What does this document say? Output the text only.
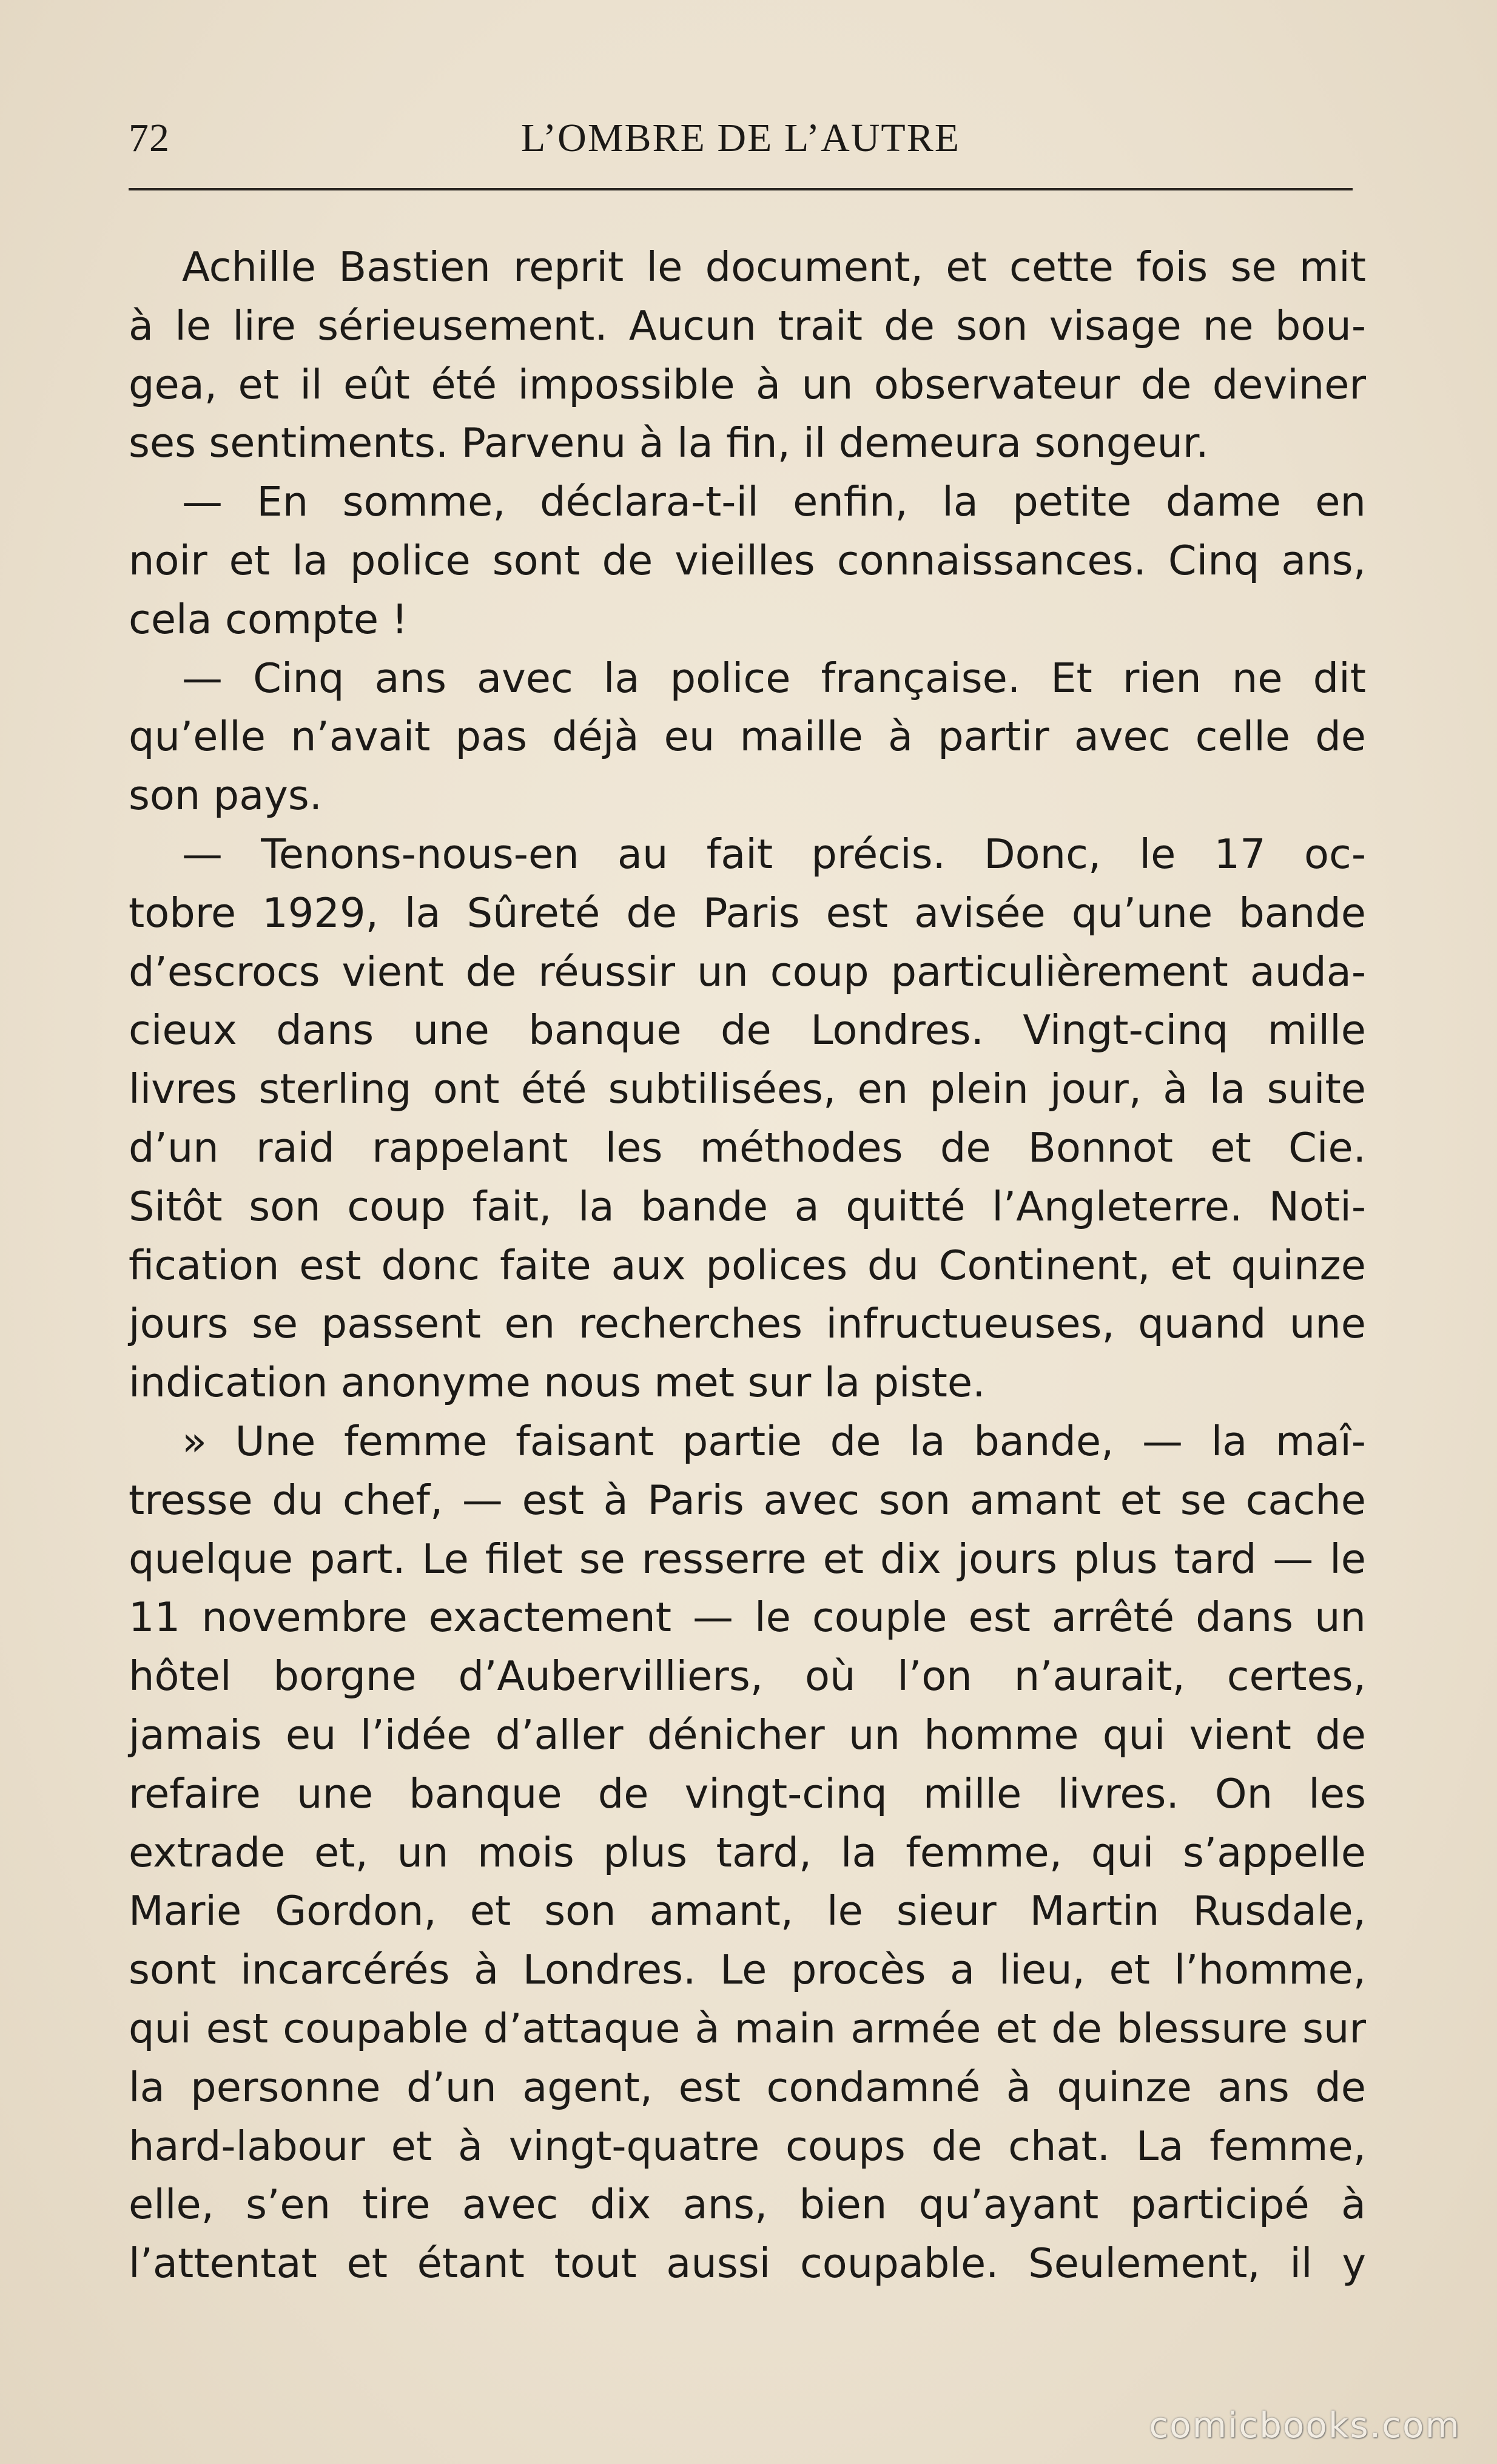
72	L’OMBRE DE L’AUTRE
Achille Bastien reprit le document, et cette fois se mit
à le lire sérieusement. Aucun trait de son visage ne bou-
gea, et il eût été impossible à un observateur de deviner
ses sentiments. Parvenu à la fin, il demeura songeur.
— En somme, déclara-t-il enfin, la petite dame en
noir et la police sont de vieilles connaissances. Cinq ans,
cela compte !
— Cinq ans avec la police française. Et rien ne dit
qu’elle n’avait pas déjà eu maille à partir avec celle de
son pays.
— Tenons-nous-en au fait précis. Donc, le 17 oc-
tobre 1929, la Sûreté de Paris est avisée qu’une bande
d’escrocs vient de réussir un coup particulièrement auda-
cieux dans une banque de Londres. Vingt-cinq mille
livres sterling ont été subtilisées, en plein jour, à la suite
d’un raid rappelant les méthodes de Bonnot et Cie.
Sitôt son coup fait, la bande a quitté l’Angleterre. Noti-
fication est donc faite aux polices du Continent, et quinze
jours se passent en recherches infructueuses, quand une
indication anonyme nous met sur la piste.
» Une femme faisant partie de la bande, — la maî-
tresse du chef, — est à Paris avec son amant et se cache
quelque part. Le filet se resserre et dix jours plus tard — le
11 novembre exactement — le couple est arrêté dans un
hôtel borgne d’Aubervilliers, où l’on n’aurait, certes,
jamais eu l’idée d’aller dénicher un homme qui vient de
refaire une banque de vingt-cinq mille livres. On les
extrade et, un mois plus tard, la femme, qui s’appelle
Marie Gordon, et son amant, le sieur Martin Rusdale,
sont incarcérés à Londres. Le procès a lieu, et l’homme,
qui est coupable d’attaque à main armée et de blessure sur
la personne d’un agent, est condamné à quinze ans de
hard-labour et à vingt-quatre coups de chat. La femme,
elle, s’en tire avec dix ans, bien qu’ayant participé à
l’attentat et étant tout aussi coupable. Seulement, il y
comicbooks.com
